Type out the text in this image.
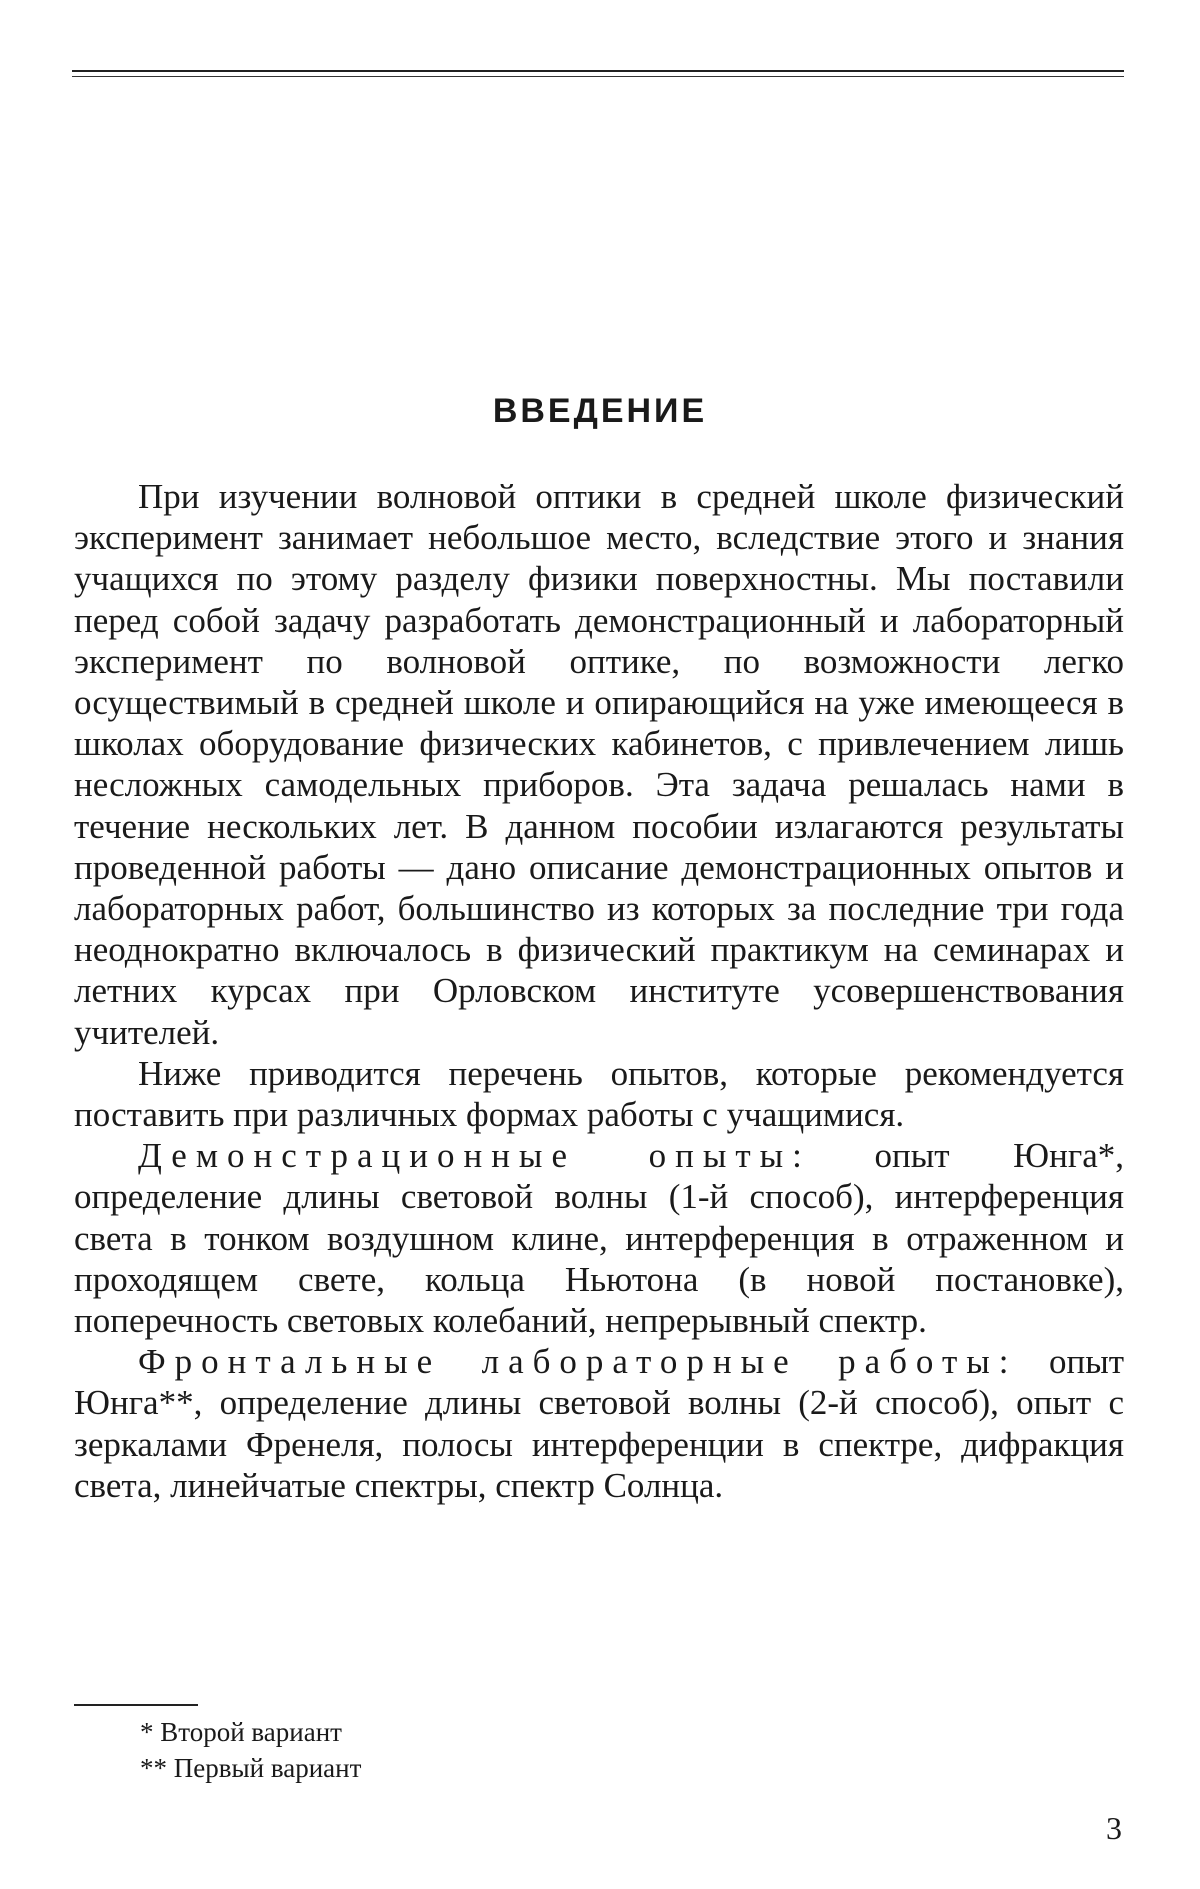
ВВЕДЕНИЕ

При изучении волновой оптики в средней школе физический эксперимент занимает небольшое место, вследствие этого и знания учащихся по этому разделу физики поверхностны. Мы поставили перед собой задачу разработать демонстрационный и лабораторный эксперимент по волновой оптике, по возможности легко осуществимый в средней школе и опирающийся на уже имеющееся в школах оборудование физических кабинетов, с привлечением лишь несложных самодельных приборов. Эта задача решалась нами в течение нескольких лет. В данном пособии излагаются результаты проведенной работы — дано описание демонстрационных опытов и лабораторных работ, большинство из которых за последние три года неоднократно включалось в физический практикум на семинарах и летних курсах при Орловском институте усовершенствования учителей.

Ниже приводится перечень опытов, которые рекомендуется поставить при различных формах работы с учащимися.

Демонстрационные опыты: опыт Юнга*, определение длины световой волны (1-й способ), интерференция света в тонком воздушном клине, интерференция в отраженном и проходящем свете, кольца Ньютона (в новой постановке), поперечность световых колебаний, непрерывный спектр.

Фронтальные лабораторные работы: опыт Юнга**, определение длины световой волны (2-й способ), опыт с зеркалами Френеля, полосы интерференции в спектре, дифракция света, линейчатые спектры, спектр Солнца.

* Второй вариант
** Первый вариант
3
